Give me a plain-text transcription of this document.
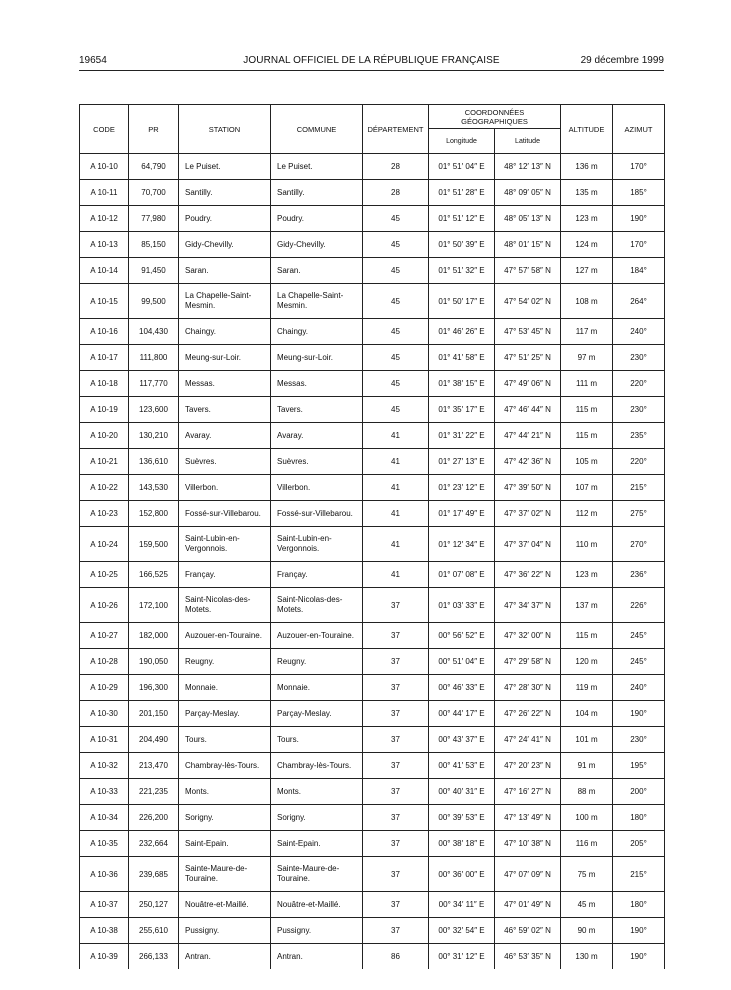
19654	JOURNAL OFFICIEL DE LA RÉPUBLIQUE FRANÇAISE	29 décembre 1999
CODE	PR	STATION	COMMUNE	DÉPARTEMENT	COORDONNÉES GÉOGRAPHIQUES		ALTITUDE	AZIMUT
					Longitude	Latitude		
A 10-10	64,790	Le Puiset.	Le Puiset.	28	01° 51′ 04″ E	48° 12′ 13″ N	136 m	170°
A 10-11	70,700	Santilly.	Santilly.	28	01° 51′ 28″ E	48° 09′ 05″ N	135 m	185°
A 10-12	77,980	Poudry.	Poudry.	45	01° 51′ 12″ E	48° 05′ 13″ N	123 m	190°
A 10-13	85,150	Gidy-Chevilly.	Gidy-Chevilly.	45	01° 50′ 39″ E	48° 01′ 15″ N	124 m	170°
A 10-14	91,450	Saran.	Saran.	45	01° 51′ 32″ E	47° 57′ 58″ N	127 m	184°
A 10-15	99,500	La Chapelle-Saint-Mesmin.	La Chapelle-Saint-Mesmin.	45	01° 50′ 17″ E	47° 54′ 02″ N	108 m	264°
A 10-16	104,430	Chaingy.	Chaingy.	45	01° 46′ 26″ E	47° 53′ 45″ N	117 m	240°
A 10-17	111,800	Meung-sur-Loir.	Meung-sur-Loir.	45	01° 41′ 58″ E	47° 51′ 25″ N	97 m	230°
A 10-18	117,770	Messas.	Messas.	45	01° 38′ 15″ E	47° 49′ 06″ N	111 m	220°
A 10-19	123,600	Tavers.	Tavers.	45	01° 35′ 17″ E	47° 46′ 44″ N	115 m	230°
A 10-20	130,210	Avaray.	Avaray.	41	01° 31′ 22″ E	47° 44′ 21″ N	115 m	235°
A 10-21	136,610	Suèvres.	Suèvres.	41	01° 27′ 13″ E	47° 42′ 36″ N	105 m	220°
A 10-22	143,530	Villerbon.	Villerbon.	41	01° 23′ 12″ E	47° 39′ 50″ N	107 m	215°
A 10-23	152,800	Fossé-sur-Villebarou.	Fossé-sur-Villebarou.	41	01° 17′ 49″ E	47° 37′ 02″ N	112 m	275°
A 10-24	159,500	Saint-Lubin-en-Vergonnois.	Saint-Lubin-en-Vergonnois.	41	01° 12′ 34″ E	47° 37′ 04″ N	110 m	270°
A 10-25	166,525	Françay.	Françay.	41	01° 07′ 08″ E	47° 36′ 22″ N	123 m	236°
A 10-26	172,100	Saint-Nicolas-des-Motets.	Saint-Nicolas-des-Motets.	37	01° 03′ 33″ E	47° 34′ 37″ N	137 m	226°
A 10-27	182,000	Auzouer-en-Touraine.	Auzouer-en-Touraine.	37	00° 56′ 52″ E	47° 32′ 00″ N	115 m	245°
A 10-28	190,050	Reugny.	Reugny.	37	00° 51′ 04″ E	47° 29′ 58″ N	120 m	245°
A 10-29	196,300	Monnaie.	Monnaie.	37	00° 46′ 33″ E	47° 28′ 30″ N	119 m	240°
A 10-30	201,150	Parçay-Meslay.	Parçay-Meslay.	37	00° 44′ 17″ E	47° 26′ 22″ N	104 m	190°
A 10-31	204,490	Tours.	Tours.	37	00° 43′ 37″ E	47° 24′ 41″ N	101 m	230°
A 10-32	213,470	Chambray-lès-Tours.	Chambray-lès-Tours.	37	00° 41′ 53″ E	47° 20′ 23″ N	91 m	195°
A 10-33	221,235	Monts.	Monts.	37	00° 40′ 31″ E	47° 16′ 27″ N	88 m	200°
A 10-34	226,200	Sorigny.	Sorigny.	37	00° 39′ 53″ E	47° 13′ 49″ N	100 m	180°
A 10-35	232,664	Saint-Epain.	Saint-Epain.	37	00° 38′ 18″ E	47° 10′ 38″ N	116 m	205°
A 10-36	239,685	Sainte-Maure-de-Touraine.	Sainte-Maure-de-Touraine.	37	00° 36′ 00″ E	47° 07′ 09″ N	75 m	215°
A 10-37	250,127	Nouâtre-et-Maillé.	Nouâtre-et-Maillé.	37	00° 34′ 11″ E	47° 01′ 49″ N	45 m	180°
A 10-38	255,610	Pussigny.	Pussigny.	37	00° 32′ 54″ E	46° 59′ 02″ N	90 m	190°
A 10-39	266,133	Antran.	Antran.	86	00° 31′ 12″ E	46° 53′ 35″ N	130 m	190°
